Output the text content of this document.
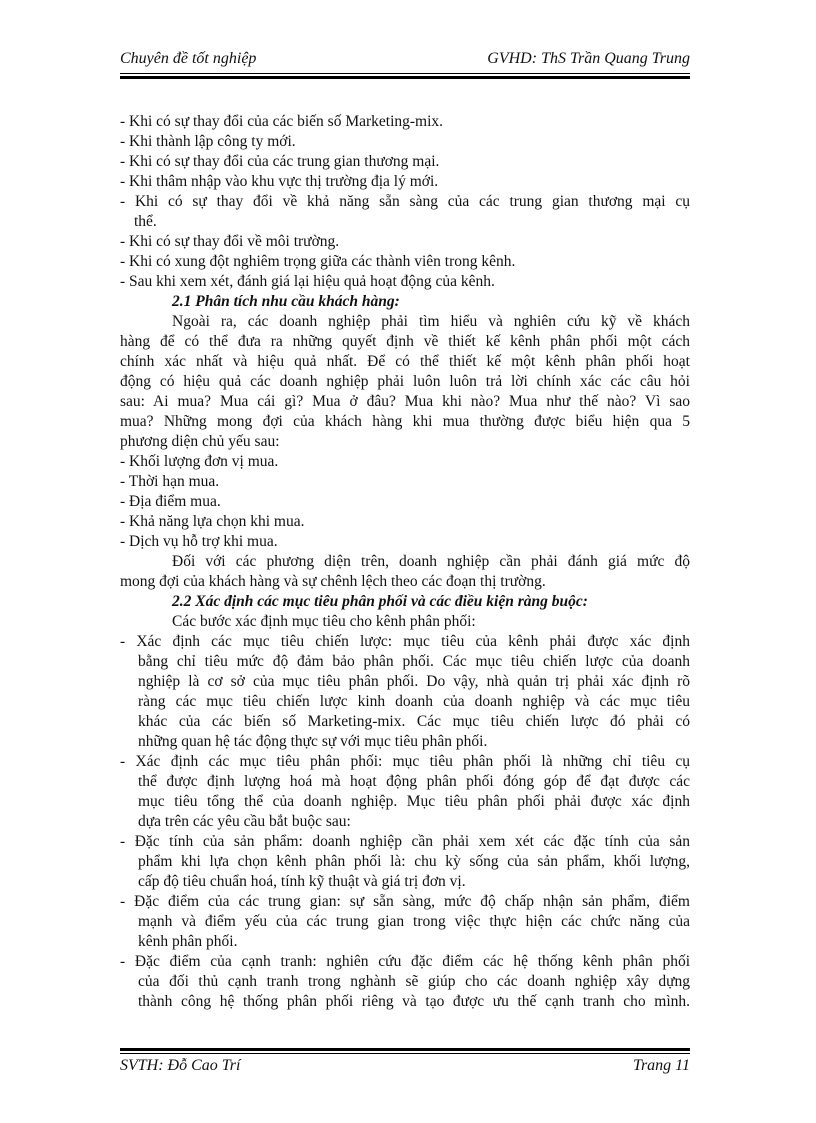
Chuyên đề tốt nghiệp	GVHD: ThS Trần Quang Trung
- Khi có sự thay đổi của các biến số Marketing-mix.
- Khi thành lập công ty mới.
- Khi có sự thay đổi của các trung gian thương mại.
- Khi thâm nhập vào khu vực thị trường địa lý mới.
- Khi có sự thay đổi về khả năng sẵn sàng của các trung gian thương mại cụ
thể.
- Khi có sự thay đổi về môi trường.
- Khi có xung đột nghiêm trọng giữa các thành viên trong kênh.
- Sau khi xem xét, đánh giá lại hiệu quả hoạt động của kênh.
2.1 Phân tích nhu cầu khách hàng:
Ngoài ra, các doanh nghiệp phải tìm hiểu và nghiên cứu kỹ về khách
hàng để có thể đưa ra những quyết định về thiết kế kênh phân phối một cách
chính xác nhất và hiệu quả nhất. Để có thể thiết kế một kênh phân phối hoạt
động có hiệu quả các doanh nghiệp phải luôn luôn trả lời chính xác các câu hỏi
sau: Ai mua? Mua cái gì? Mua ở đâu? Mua khi nào? Mua như thế nào? Vì sao
mua? Những mong đợi của khách hàng khi mua thường được biểu hiện qua 5
phương diện chủ yếu sau:
- Khối lượng đơn vị mua.
- Thời hạn mua.
- Địa điểm mua.
- Khả năng lựa chọn khi mua.
- Dịch vụ hỗ trợ khi mua.
Đối với các phương diện trên, doanh nghiệp cần phải đánh giá mức độ
mong đợi của khách hàng và sự chênh lệch theo các đoạn thị trường.
2.2 Xác định các mục tiêu phân phối và các điều kiện ràng buộc:
Các bước xác định mục tiêu cho kênh phân phối:
- Xác định các mục tiêu chiến lược: mục tiêu của kênh phải được xác định
bằng chỉ tiêu mức độ đảm bảo phân phối. Các mục tiêu chiến lược của doanh
nghiệp là cơ sở của mục tiêu phân phối. Do vậy, nhà quản trị phải xác định rõ
ràng các mục tiêu chiến lược kinh doanh của doanh nghiệp và các mục tiêu
khác của các biến số Marketing-mix. Các mục tiêu chiến lược đó phải có
những quan hệ tác động thực sự với mục tiêu phân phối.
- Xác định các mục tiêu phân phối: mục tiêu phân phối là những chỉ tiêu cụ
thể được định lượng hoá mà hoạt động phân phối đóng góp để đạt được các
mục tiêu tổng thể của doanh nghiệp. Mục tiêu phân phối phải được xác định
dựa trên các yêu cầu bắt buộc sau:
- Đặc tính của sản phẩm: doanh nghiệp cần phải xem xét các đặc tính của sản
phẩm khi lựa chọn kênh phân phối là: chu kỳ sống của sản phẩm, khối lượng,
cấp độ tiêu chuẩn hoá, tính kỹ thuật và giá trị đơn vị.
- Đặc điểm của các trung gian: sự sẵn sàng, mức độ chấp nhận sản phẩm, điểm
mạnh và điểm yếu của các trung gian trong việc thực hiện các chức năng của
kênh phân phối.
- Đặc điểm của cạnh tranh: nghiên cứu đặc điểm các hệ thống kênh phân phối
của đối thủ cạnh tranh trong nghành sẽ giúp cho các doanh nghiệp xây dựng
thành công hệ thống phân phối riêng và tạo được ưu thế cạnh tranh cho mình.
SVTH: Đỗ Cao Trí	Trang 11
